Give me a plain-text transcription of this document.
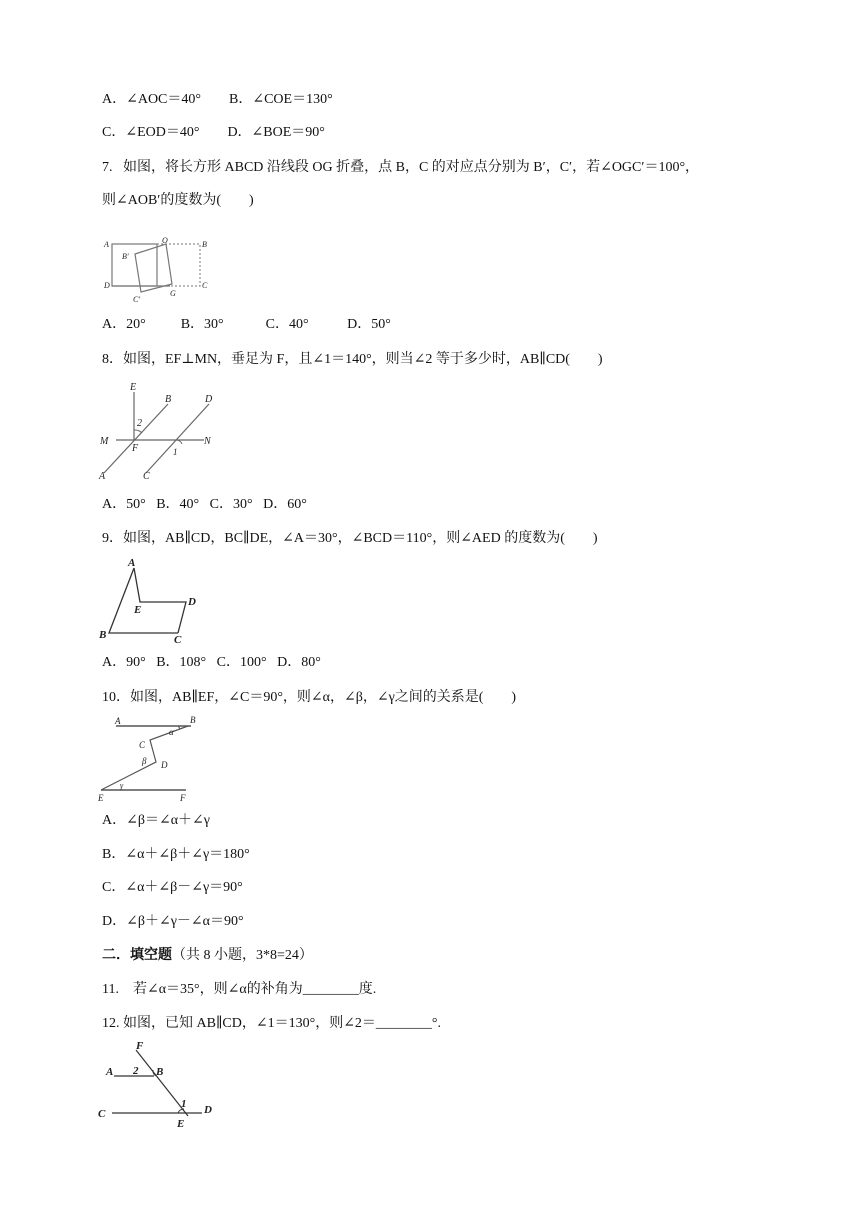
A．∠AOC＝40°        B．∠COE＝130°
C．∠EOD＝40°        D．∠BOE＝90°
7.   如图，将长方形 ABCD 沿线段 OG 折叠，点 B，C 的对应点分别为 B′，C′，若∠OGC′＝100°，
则∠AOB′的度数为(　　)
A	O	B
B′
D
G
C
C′
A．20°          B．30°            C．40°           D．50°
8．如图，EF⊥MN，垂足为 F，且∠1＝140°，则当∠2 等于多少时，AB∥CD(　　)
E
B	D
2
M
F	1
N
A	C
A．50°   B．40°   C．30°   D．60°
9．如图，AB∥CD，BC∥DE，∠A＝30°，∠BCD＝110°，则∠AED 的度数为(　　)
A
E
D
B	C
A．90°   B．108°   C．100°   D．80°
10．如图，AB∥EF，∠C＝90°，则∠α，∠β，∠γ之间的关系是(　　)
A	B
α
C
β D
γ
E	F
A．∠β＝∠α＋∠γ
B．∠α＋∠β＋∠γ＝180°
C．∠α＋∠β－∠γ＝90°
D．∠β＋∠γ－∠α＝90°
二．填空题（共 8 小题，3*8=24）
11.    若∠α＝35°，则∠α的补角为________度.
12. 如图，已知 AB∥CD，∠1＝130°，则∠2＝________°.
F
A 2 B
C
1 D
E
